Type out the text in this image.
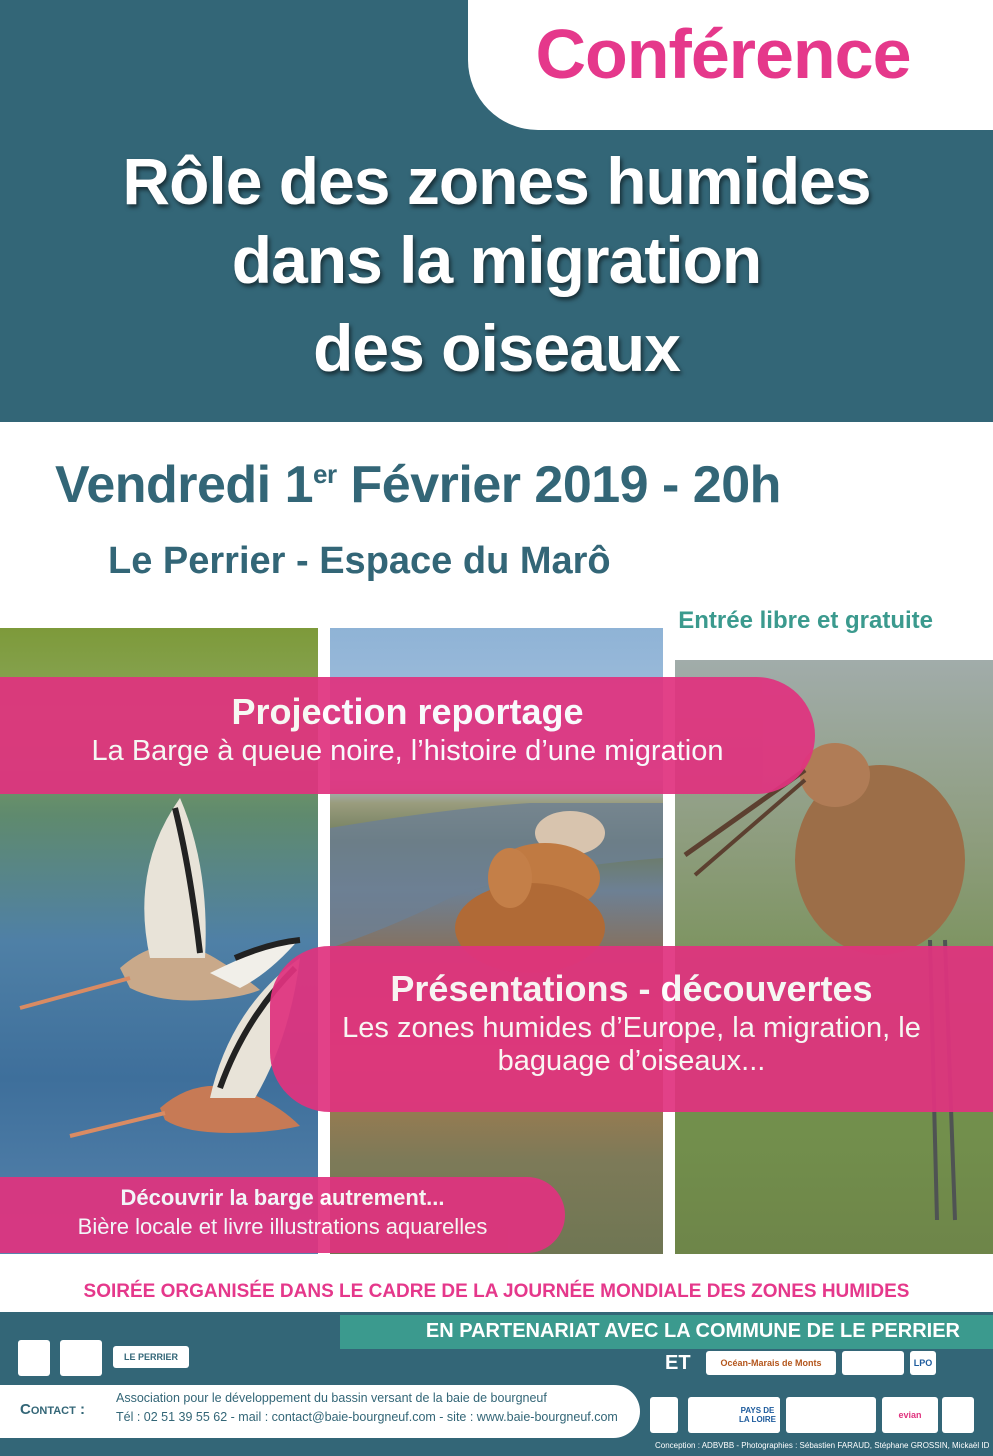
Conférence
Rôle des zones humides
dans la migration
des oiseaux
Vendredi 1er Février 2019 - 20h
Le Perrier - Espace du Marô
Entrée libre et gratuite
Projection reportage
La Barge à queue noire, l’histoire d’une migration
Présentations - découvertes
Les zones humides d’Europe, la migration, le
baguage d’oiseaux...
Découvrir la barge autrement...
Bière locale et livre illustrations aquarelles
SOIRÉE ORGANISÉE DANS LE CADRE DE LA JOURNÉE MONDIALE DES ZONES HUMIDES
EN PARTENARIAT AVEC LA COMMUNE DE LE PERRIER
ET
LE PERRIER
Océan-Marais de Monts	LPO
Contact :
Association pour le développement du bassin versant de la baie de bourgneuf
Tél : 02 51 39 55 62 - mail : contact@baie-bourgneuf.com - site : www.baie-bourgneuf.com	PAYS DE LA LOIRE	evian
Conception : ADBVBB - Photographies : Sébastien FARAUD, Stéphane GROSSIN, Mickaël ID
